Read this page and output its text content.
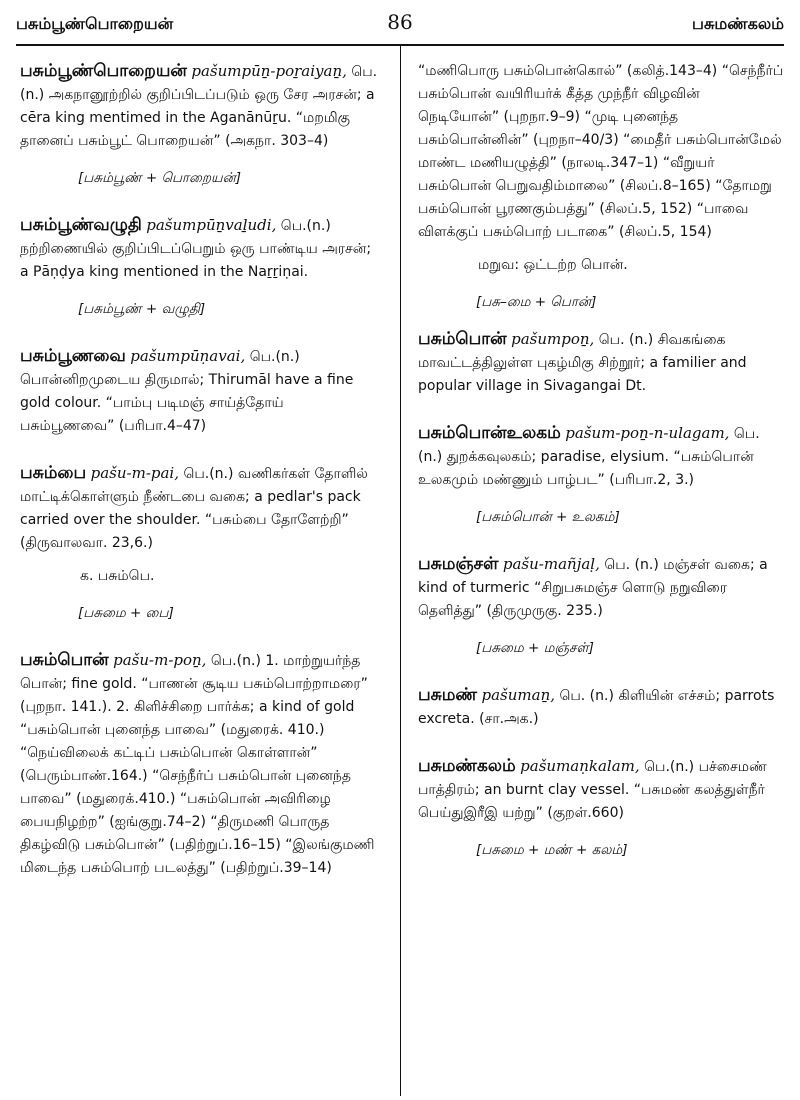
பசும்பூண்பொறையன்	86	பசுமண்கலம்
பசும்பூண்பொறையன் pašumpūṉ-poṟaiyaṉ, பெ.(n.) அகநானூற்றில் குறிப்பிடப்படும் ஒரு சேர அரசன்; a cēra king mentimed in the Aganānūṟu. “மறமிகு தானைப் பசும்பூட் பொறையன்” (அகநா. 303–4)
[பசும்பூண் + பொறையன்]
பசும்பூண்வழுதி pašumpūṉvaḻudi, பெ.(n.) நற்றிணையில் குறிப்பிடப்பெறும் ஒரு பாண்டிய அரசன்; a Pāṇḍya king mentioned in the Naṟṟiṇai.
[பசும்பூண் + வழுதி]
பசும்பூணவை pašumpūṇavai, பெ.(n.) பொன்னிறமுடைய திருமால்; Thirumāl have a fine gold colour. “பாம்பு படிமஞ் சாய்த்தோய் பசும்பூணவை” (பரிபா.4–47)
பசும்பை pašu-m-pai, பெ.(n.) வணிகர்கள் தோளில் மாட்டிக்கொள்ளும் நீண்டபை வகை; a pedlar's pack carried over the shoulder. “பசும்பை தோளேற்றி” (திருவாலவா. 23,6.)
க. பசும்பெ.
[பசுமை + பை]
பசும்பொன் pašu-m-poṉ, பெ.(n.) 1. மாற்றுயர்ந்த பொன்; fine gold. “பாணன் சூடிய பசும்பொற்றாமரை” (புறநா. 141.). 2. கிளிச்சிறை பார்க்க; a kind of gold “பசும்பொன் புனைந்த பாவை” (மதுரைக். 410.) “நெய்விலைக் கட்டிப் பசும்பொன் கொள்ளான்” (பெரும்பாண்.164.) “செந்நீர்ப் பசும்பொன் புனைந்த பாவை” (மதுரைக்.410.) “பசும்பொன் அவிரிழை பையநிழற்ற” (ஐங்குறு.74–2) “திருமணி பொருத திகழ்விடு பசும்பொன்” (பதிற்றுப்.16–15) “இலங்குமணி மிடைந்த பசும்பொற் படலத்து” (பதிற்றுப்.39–14)
“மணிபொரு பசும்பொன்கொல்” (கலித்.143–4) “செந்நீர்ப் பசும்பொன் வயிரியர்க் கீத்த முந்நீர் விழவின் நெடியோன்” (புறநா.9–9) “முடி புனைந்த பசும்பொன்னின்” (புறநா–40/3) “மைதீர் பசும்பொன்மேல் மாண்ட மணியழுத்தி” (நாலடி.347–1) “வீறுயர் பசும்பொன் பெறுவதிம்மாலை” (சிலப்.8–165) “தோமறு பசும்பொன் பூரணகும்பத்து” (சிலப்.5, 152) “பாவை விளக்குப் பசும்பொற் படாகை” (சிலப்.5, 154)
மறுவ: ஒட்டற்ற பொன்.
[பசு–மை + பொன்]
பசும்பொன் pašumpoṉ, பெ. (n.) சிவகங்கை மாவட்டத்திலுள்ள புகழ்மிகு சிற்றூர்; a familier and popular village in Sivagangai Dt.
பசும்பொன்உலகம் pašum-poṉ-n-ulagam, பெ. (n.) துறக்கவுலகம்; paradise, elysium. “பசும்பொன் உலகமும் மண்ணும் பாழ்பட” (பரிபா.2, 3.)
[பசும்பொன் + உலகம்]
பசுமஞ்சள் pašu-mañjaḷ, பெ. (n.) மஞ்சள் வகை; a kind of turmeric “சிறுபசுமஞ்ச ளொடு நறுவிரை தெளித்து” (திருமுருகு. 235.)
[பசுமை + மஞ்சள்]
பசுமண் pašumaṉ, பெ. (n.) கிளியின் எச்சம்; parrots excreta. (சா.அக.)
பசுமண்கலம் pašumaṇkalam, பெ.(n.) பச்சைமண் பாத்திரம்; an burnt clay vessel. “பசுமண் கலத்துள்நீர் பெய்துஇரீஇ யற்று” (குறள்.660)
[பசுமை + மண் + கலம்]
